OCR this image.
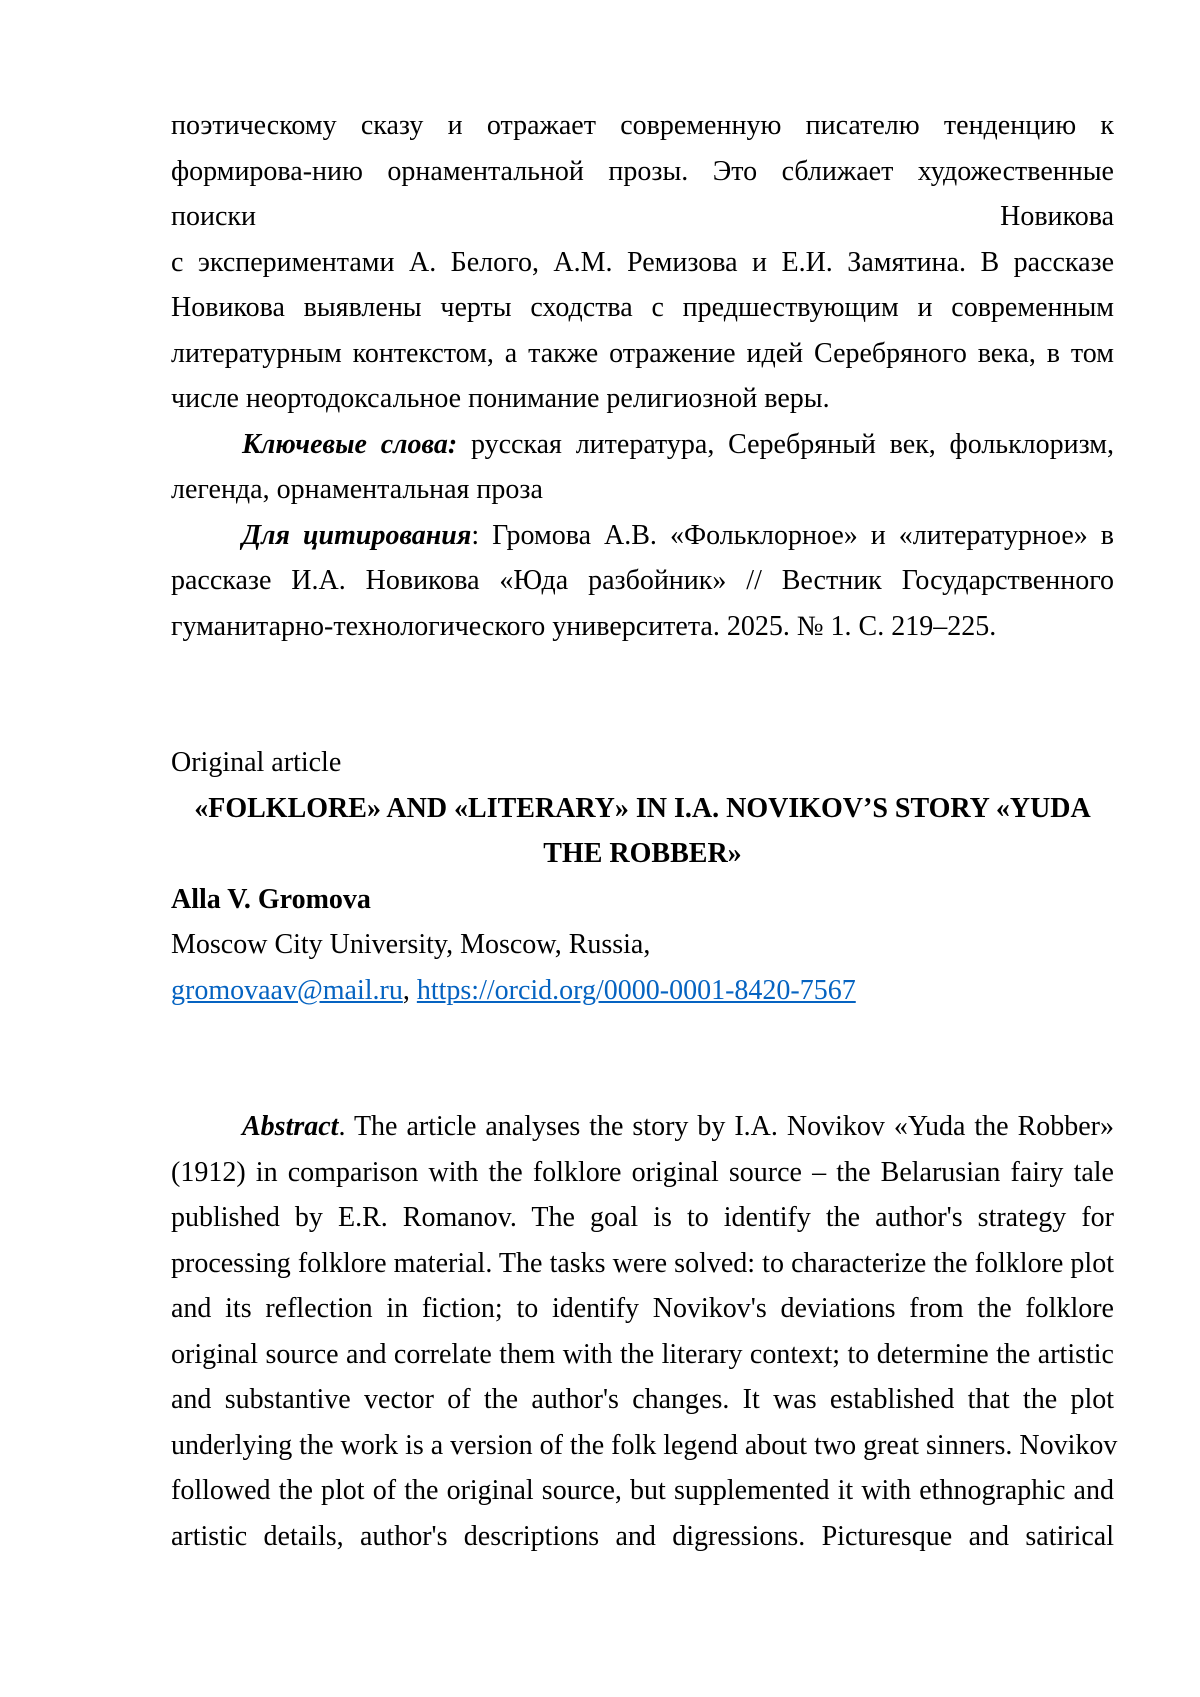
поэтическому сказу и отражает современную писателю тенденцию к
формирова-нию орнаментальной прозы. Это сближает художественные
поиски Новикова
с экспериментами А. Белого, А.М. Ремизова и Е.И. Замятина. В рассказе
Новикова выявлены черты сходства с предшествующим и современным
литературным контекстом, а также отражение идей Серебряного века, в том
числе неортодоксальное понимание религиозной веры.
Ключевые слова: русская литература, Серебряный век, фольклоризм,
легенда, орнаментальная проза
Для цитирования: Громова А.В. «Фольклорное» и «литературное» в
рассказе И.А. Новикова «Юда разбойник» // Вестник Государственного
гуманитарно-технологического университета. 2025. № 1. С. 219–225.
Original article
«FOLKLORE» AND «LITERARY» IN I.A. NOVIKOV’S STORY «YUDA
THE ROBBER»
Alla V. Gromova
Moscow City University, Moscow, Russia,
gromovaav@mail.ru, https://orcid.org/0000-0001-8420-7567
Abstract. The article analyses the story by I.A. Novikov «Yuda the Robber»
(1912) in comparison with the folklore original source – the Belarusian fairy tale
published by E.R. Romanov. The goal is to identify the author's strategy for
processing folklore material. The tasks were solved: to characterize the folklore plot
and its reflection in fiction; to identify Novikov's deviations from the folklore
original source and correlate them with the literary context; to determine the artistic
and substantive vector of the author's changes. It was established that the plot
underlying the work is a version of the folk legend about two great sinners. Novikov
followed the plot of the original source, but supplemented it with ethnographic and
artistic details, author's descriptions and digressions. Picturesque and satirical
